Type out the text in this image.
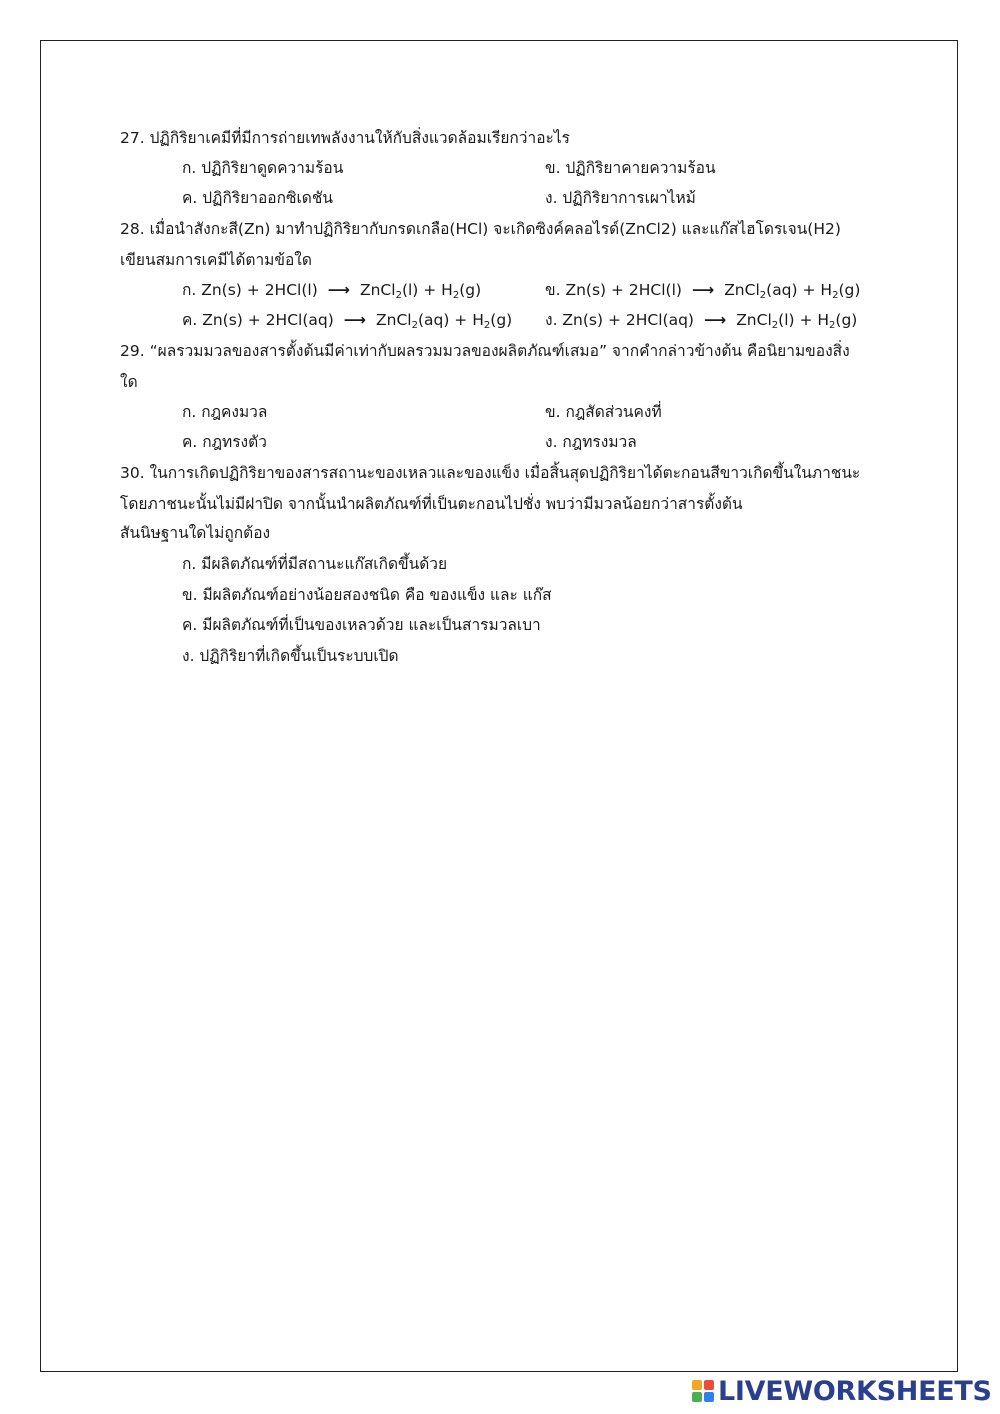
27. ปฏิกิริยาเคมีที่มีการถ่ายเทพลังงานให้กับสิ่งแวดล้อมเรียกว่าอะไร
ก. ปฏิกิริยาดูดความร้อน	ข. ปฏิกิริยาคายความร้อน
ค. ปฏิกิริยาออกซิเดชัน	ง. ปฏิกิริยาการเผาไหม้
28. เมื่อนำสังกะสี(Zn) มาทำปฏิกิริยากับกรดเกลือ(HCl) จะเกิดซิงค์คลอไรด์(ZnCl2) และแก๊สไฮโดรเจน(H2)
เขียนสมการเคมีได้ตามข้อใด
ก. Zn(s) + 2HCl(l) ⟶ ZnCl$_2$(l) + $H_2(g)$	ข. Zn(s) + 2HCl(l) ⟶ ZnCl$_2$(aq) + $H_2(g)$
ค. Zn(s) + 2HCl(aq) ⟶ ZnCl$_2$(aq) + $H_2(g)$ ง. Zn(s) + 2HCl(aq) ⟶ ZnCl$_2$(l) + $H_2(g)$
29. “ผลรวมมวลของสารตั้งต้นมีค่าเท่ากับผลรวมมวลของผลิตภัณฑ์เสมอ” จากคำกล่าวข้างต้น คือนิยามของสิ่ง
ใด
ก. กฎคงมวล	ข. กฎสัดส่วนคงที่
ค. กฎทรงตัว	ง. กฎทรงมวล
30. ในการเกิดปฏิกิริยาของสารสถานะของเหลวและของแข็ง เมื่อสิ้นสุดปฏิกิริยาได้ตะกอนสีขาวเกิดขึ้นในภาชนะ
โดยภาชนะนั้นไม่มีฝาปิด จากนั้นนำผลิตภัณฑ์ที่เป็นตะกอนไปชั่ง พบว่ามีมวลน้อยกว่าสารตั้งต้น
สันนิษฐานใดไม่ถูกต้อง
ก. มีผลิตภัณฑ์ที่มีสถานะแก๊สเกิดขึ้นด้วย
ข. มีผลิตภัณฑ์อย่างน้อยสองชนิด คือ ของแข็ง และ แก๊ส
ค. มีผลิตภัณฑ์ที่เป็นของเหลวด้วย และเป็นสารมวลเบา
ง. ปฏิกิริยาที่เกิดขึ้นเป็นระบบเปิด
LIVEWORKSHEETS
